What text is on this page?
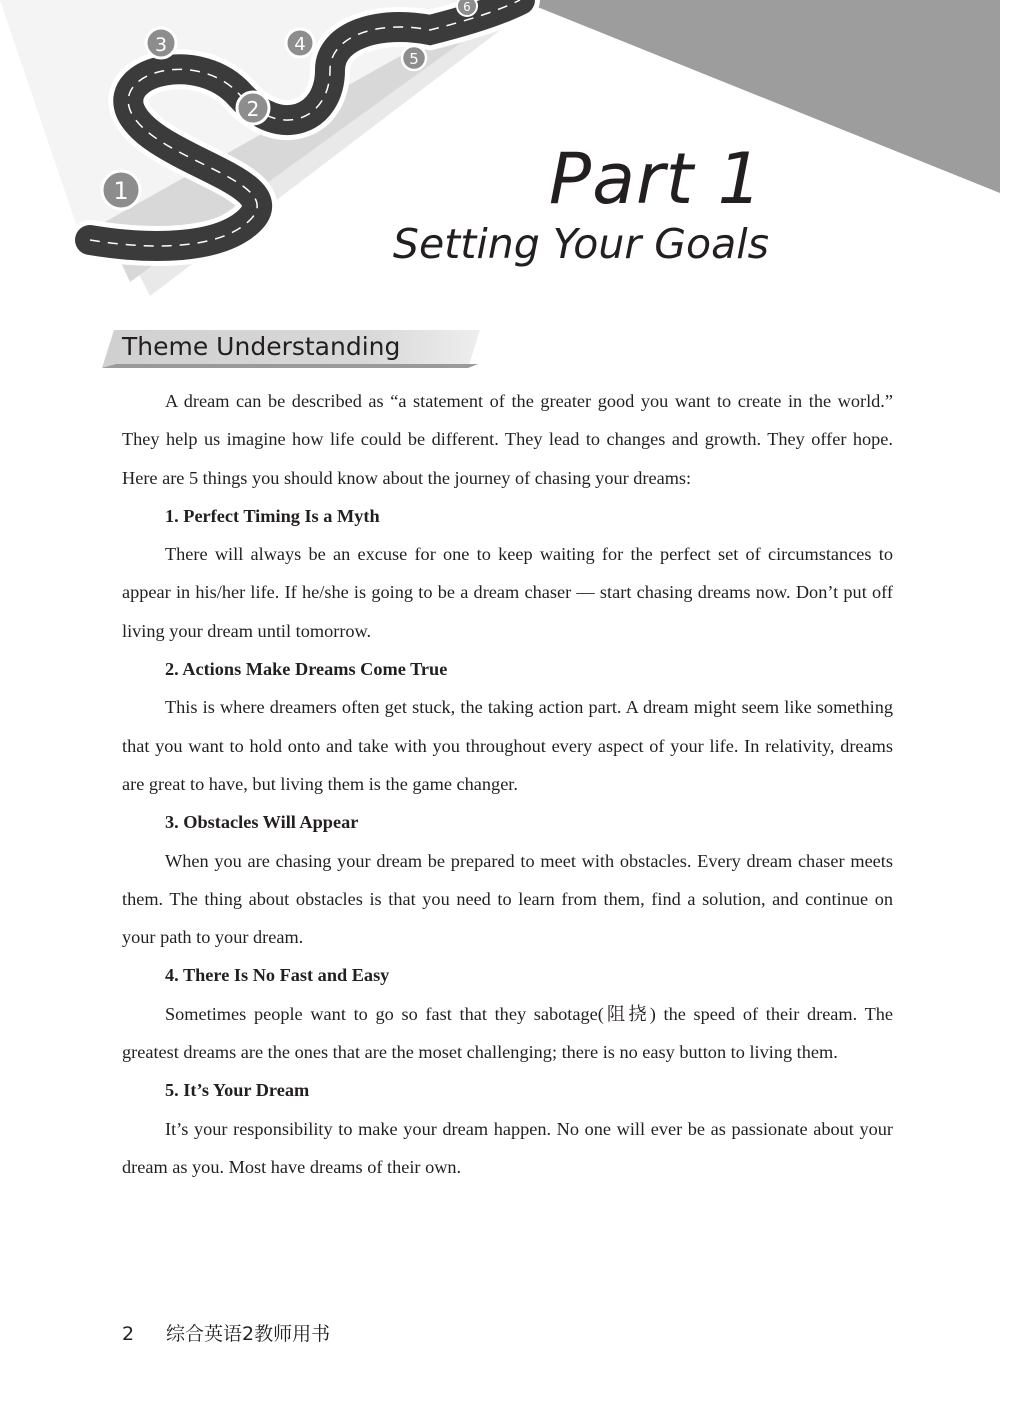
1
2
3	4
5
6
Part 1
Setting Your Goals
Theme Understanding

A dream can be described as “a statement of the greater good you want to create in the world.” They help us imagine how life could be different. They lead to changes and growth. They offer hope. Here are 5 things you should know about the journey of chasing your dreams:

1. Perfect Timing Is a Myth

There will always be an excuse for one to keep waiting for the perfect set of circumstances to appear in his/her life. If he/she is going to be a dream chaser — start chasing dreams now. Don’t put off living your dream until tomorrow.

2. Actions Make Dreams Come True

This is where dreamers often get stuck, the taking action part. A dream might seem like something that you want to hold onto and take with you throughout every aspect of your life. In relativity, dreams are great to have, but living them is the game changer.

3. Obstacles Will Appear

When you are chasing your dream be prepared to meet with obstacles. Every dream chaser meets them. The thing about obstacles is that you need to learn from them, find a solution, and continue on your path to your dream.

4. There Is No Fast and Easy

Sometimes people want to go so fast that they sabotage(阻挠) the speed of their dream. The greatest dreams are the ones that are the moset challenging; there is no easy button to living them.

5. It’s Your Dream

It’s your responsibility to make your dream happen. No one will ever be as passionate about your dream as you. Most have dreams of their own.

2 综合英语2教师用书
